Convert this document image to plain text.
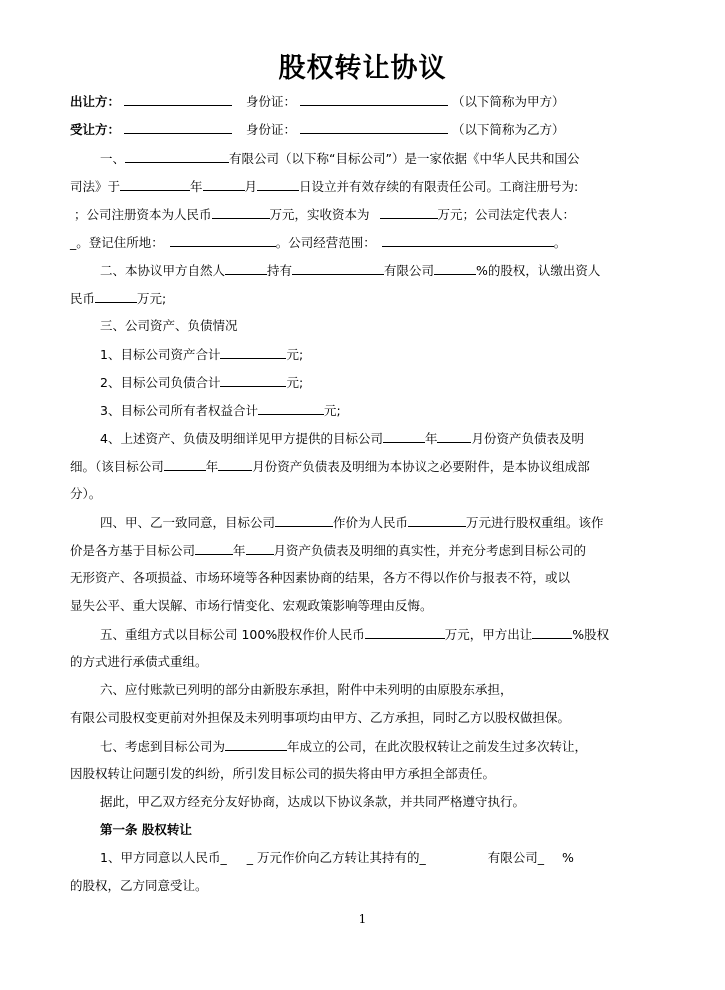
股权转让协议
出让方：	身份证：	（以下简称为甲方）
受让方：	身份证：	（以下简称为乙方）
一、	有限公司（以下称“目标公司”）是一家依据《中华人民共和国公
司法》于	年	月	日设立并有效存续的有限责任公司。工商注册号为:
；公司注册资本为人民币	万元，实收资本为	万元；公司法定代表人：
_。登记住所地：	。公司经营范围：	。
二、本协议甲方自然人	持有	有限公司	%的股权，认缴出资人
民币	万元;
三、公司资产、负债情况
1、目标公司资产合计	元;
2、目标公司负债合计	元;
3、目标公司所有者权益合计	元;
4、上述资产、负债及明细详见甲方提供的目标公司	年	月份资产负债表及明
细。（该目标公司	年	月份资产负债表及明细为本协议之必要附件，是本协议组成部
分）。
四、甲、乙一致同意，目标公司	作价为人民币	万元进行股权重组。该作
价是各方基于目标公司	年 月资产负债表及明细的真实性，并充分考虑到目标公司的
无形资产、各项损益、市场环境等各种因素协商的结果，各方不得以作价与报表不符，或以
显失公平、重大误解、市场行情变化、宏观政策影响等理由反悔。
五、重组方式以目标公司 100%股权作价人民币	万元，甲方出让	%股权
的方式进行承债式重组。
六、应付账款已列明的部分由新股东承担，附件中未列明的由原股东承担，
有限公司股权变更前对外担保及未列明事项均由甲方、乙方承担，同时乙方以股权做担保。
七、考虑到目标公司为	年成立的公司，在此次股权转让之前发生过多次转让，
因股权转让问题引发的纠纷，所引发目标公司的损失将由甲方承担全部责任。
据此，甲乙双方经充分友好协商，达成以下协议条款，并共同严格遵守执行。
第一条 股权转让
1、甲方同意以人民币_ _ 万元作价向乙方转让其持有的_	有限公司_ %
的股权，乙方同意受让。
1
